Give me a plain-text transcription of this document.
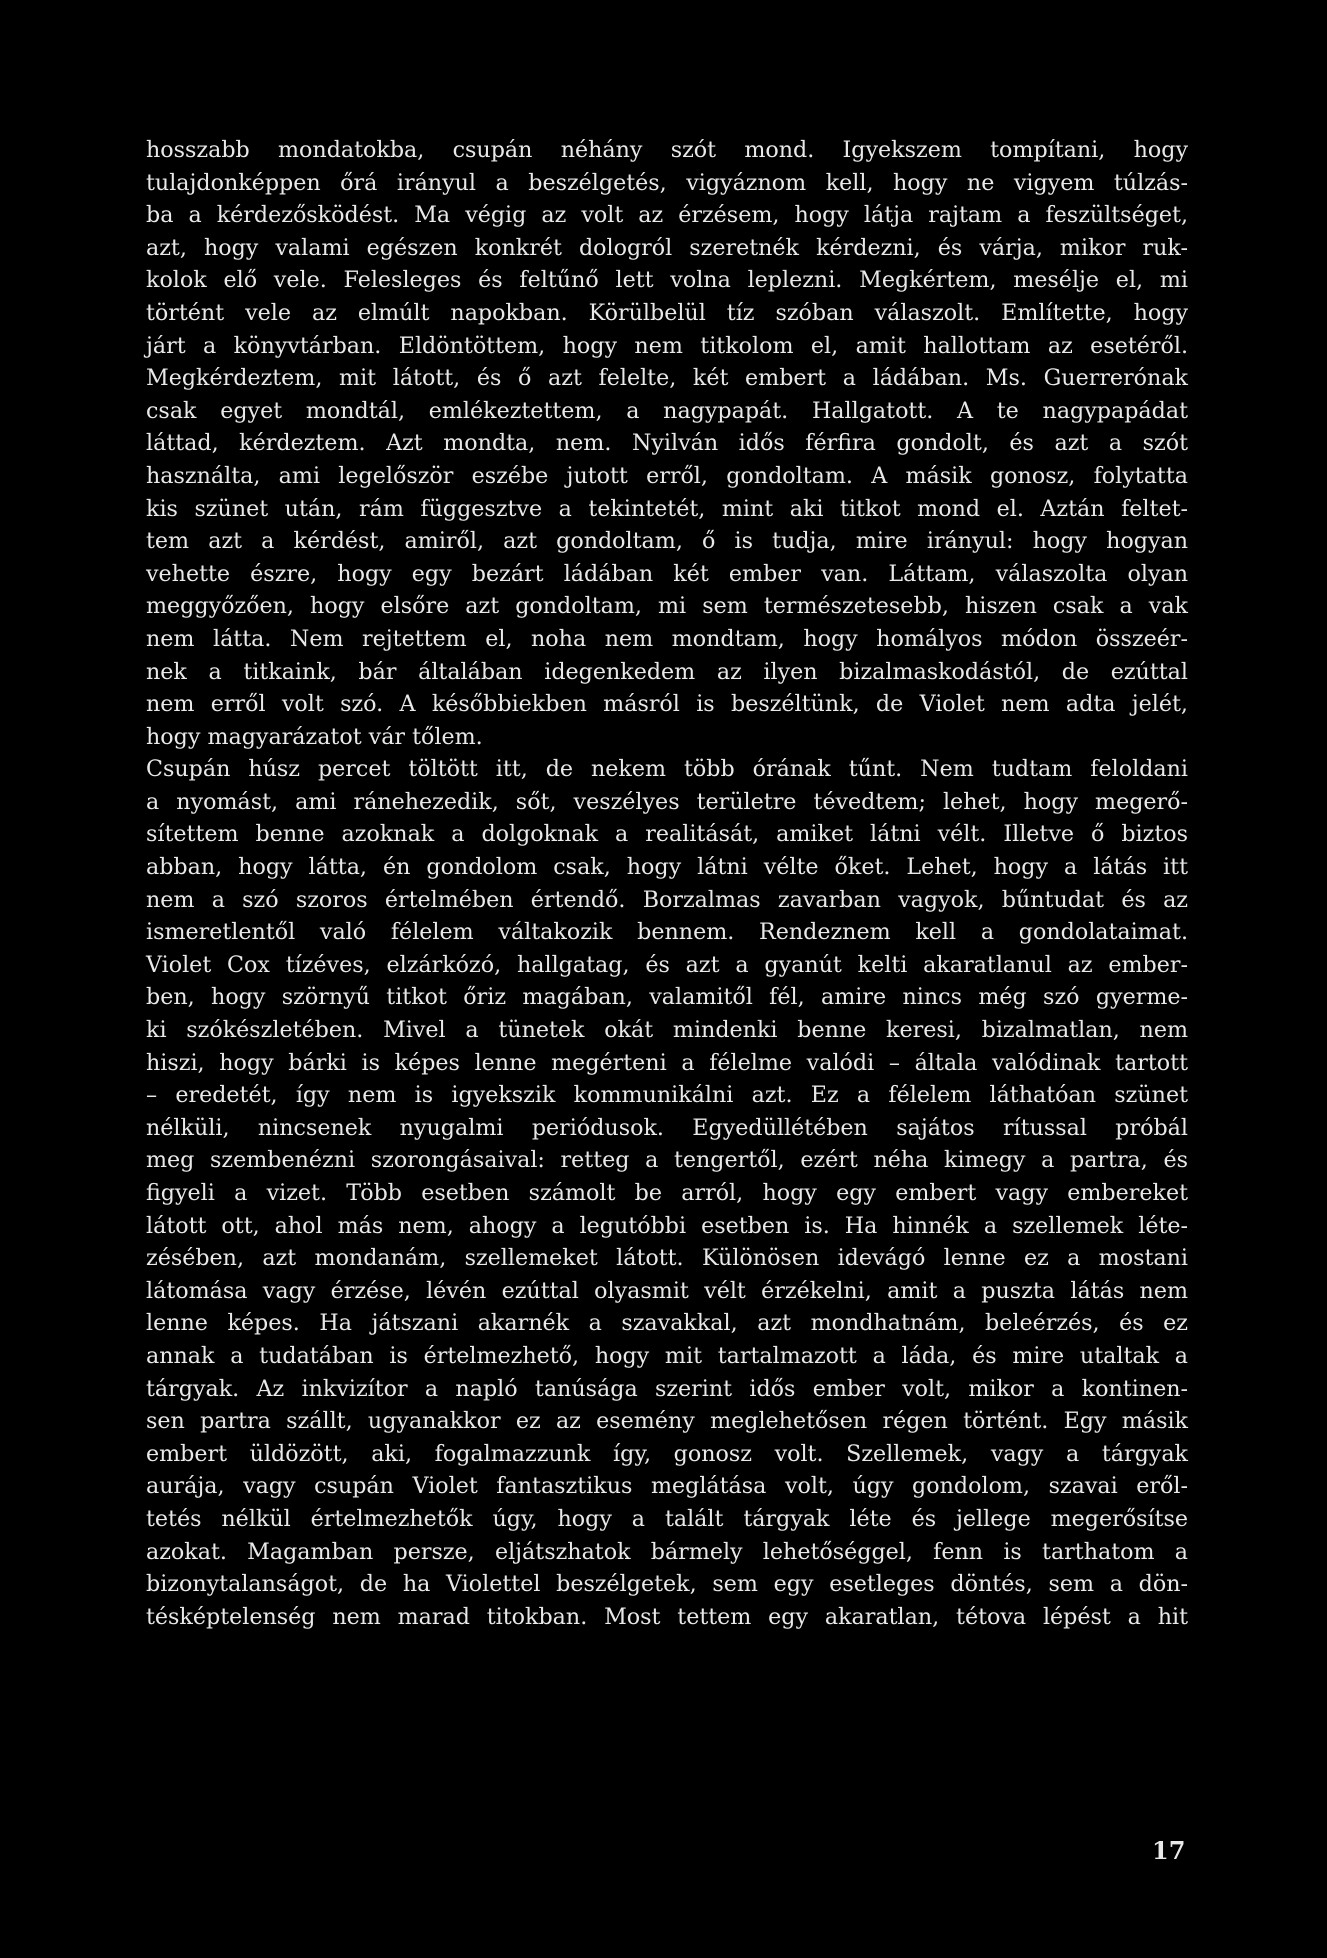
hosszabb mondatokba, csupán néhány szót mond. Igyekszem tompítani, hogy
tulajdonképpen őrá irányul a beszélgetés, vigyáznom kell, hogy ne vigyem túlzás-
ba a kérdezősködést. Ma végig az volt az érzésem, hogy látja rajtam a feszültséget,
azt, hogy valami egészen konkrét dologról szeretnék kérdezni, és várja, mikor ruk-
kolok elő vele. Felesleges és feltűnő lett volna leplezni. Megkértem, mesélje el, mi
történt vele az elmúlt napokban. Körülbelül tíz szóban válaszolt. Említette, hogy
járt a könyvtárban. Eldöntöttem, hogy nem titkolom el, amit hallottam az esetéről.
Megkérdeztem, mit látott, és ő azt felelte, két embert a ládában. Ms. Guerrerónak
csak egyet mondtál, emlékeztettem, a nagypapát. Hallgatott. A te nagypapádat
láttad, kérdeztem. Azt mondta, nem. Nyilván idős férfira gondolt, és azt a szót
használta, ami legelőször eszébe jutott erről, gondoltam. A másik gonosz, folytatta
kis szünet után, rám függesztve a tekintetét, mint aki titkot mond el. Aztán feltet-
tem azt a kérdést, amiről, azt gondoltam, ő is tudja, mire irányul: hogy hogyan
vehette észre, hogy egy bezárt ládában két ember van. Láttam, válaszolta olyan
meggyőzően, hogy elsőre azt gondoltam, mi sem természetesebb, hiszen csak a vak
nem látta. Nem rejtettem el, noha nem mondtam, hogy homályos módon összeér-
nek a titkaink, bár általában idegenkedem az ilyen bizalmaskodástól, de ezúttal
nem erről volt szó. A későbbiekben másról is beszéltünk, de Violet nem adta jelét,
hogy magyarázatot vár tőlem.
Csupán húsz percet töltött itt, de nekem több órának tűnt. Nem tudtam feloldani
a nyomást, ami ránehezedik, sőt, veszélyes területre tévedtem; lehet, hogy megerő-
sítettem benne azoknak a dolgoknak a realitását, amiket látni vélt. Illetve ő biztos
abban, hogy látta, én gondolom csak, hogy látni vélte őket. Lehet, hogy a látás itt
nem a szó szoros értelmében értendő. Borzalmas zavarban vagyok, bűntudat és az
ismeretlentől való félelem váltakozik bennem. Rendeznem kell a gondolataimat.
Violet Cox tízéves, elzárkózó, hallgatag, és azt a gyanút kelti akaratlanul az ember-
ben, hogy szörnyű titkot őriz magában, valamitől fél, amire nincs még szó gyerme-
ki szókészletében. Mivel a tünetek okát mindenki benne keresi, bizalmatlan, nem
hiszi, hogy bárki is képes lenne megérteni a félelme valódi – általa valódinak tartott
– eredetét, így nem is igyekszik kommunikálni azt. Ez a félelem láthatóan szünet
nélküli, nincsenek nyugalmi periódusok. Egyedüllétében sajátos rítussal próbál
meg szembenézni szorongásaival: retteg a tengertől, ezért néha kimegy a partra, és
figyeli a vizet. Több esetben számolt be arról, hogy egy embert vagy embereket
látott ott, ahol más nem, ahogy a legutóbbi esetben is. Ha hinnék a szellemek léte-
zésében, azt mondanám, szellemeket látott. Különösen idevágó lenne ez a mostani
látomása vagy érzése, lévén ezúttal olyasmit vélt érzékelni, amit a puszta látás nem
lenne képes. Ha játszani akarnék a szavakkal, azt mondhatnám, beleérzés, és ez
annak a tudatában is értelmezhető, hogy mit tartalmazott a láda, és mire utaltak a
tárgyak. Az inkvizítor a napló tanúsága szerint idős ember volt, mikor a kontinen-
sen partra szállt, ugyanakkor ez az esemény meglehetősen régen történt. Egy másik
embert üldözött, aki, fogalmazzunk így, gonosz volt. Szellemek, vagy a tárgyak
aurája, vagy csupán Violet fantasztikus meglátása volt, úgy gondolom, szavai eről-
tetés nélkül értelmezhetők úgy, hogy a talált tárgyak léte és jellege megerősítse
azokat. Magamban persze, eljátszhatok bármely lehetőséggel, fenn is tarthatom a
bizonytalanságot, de ha Violettel beszélgetek, sem egy esetleges döntés, sem a dön-
tésképtelenség nem marad titokban. Most tettem egy akaratlan, tétova lépést a hit
17
